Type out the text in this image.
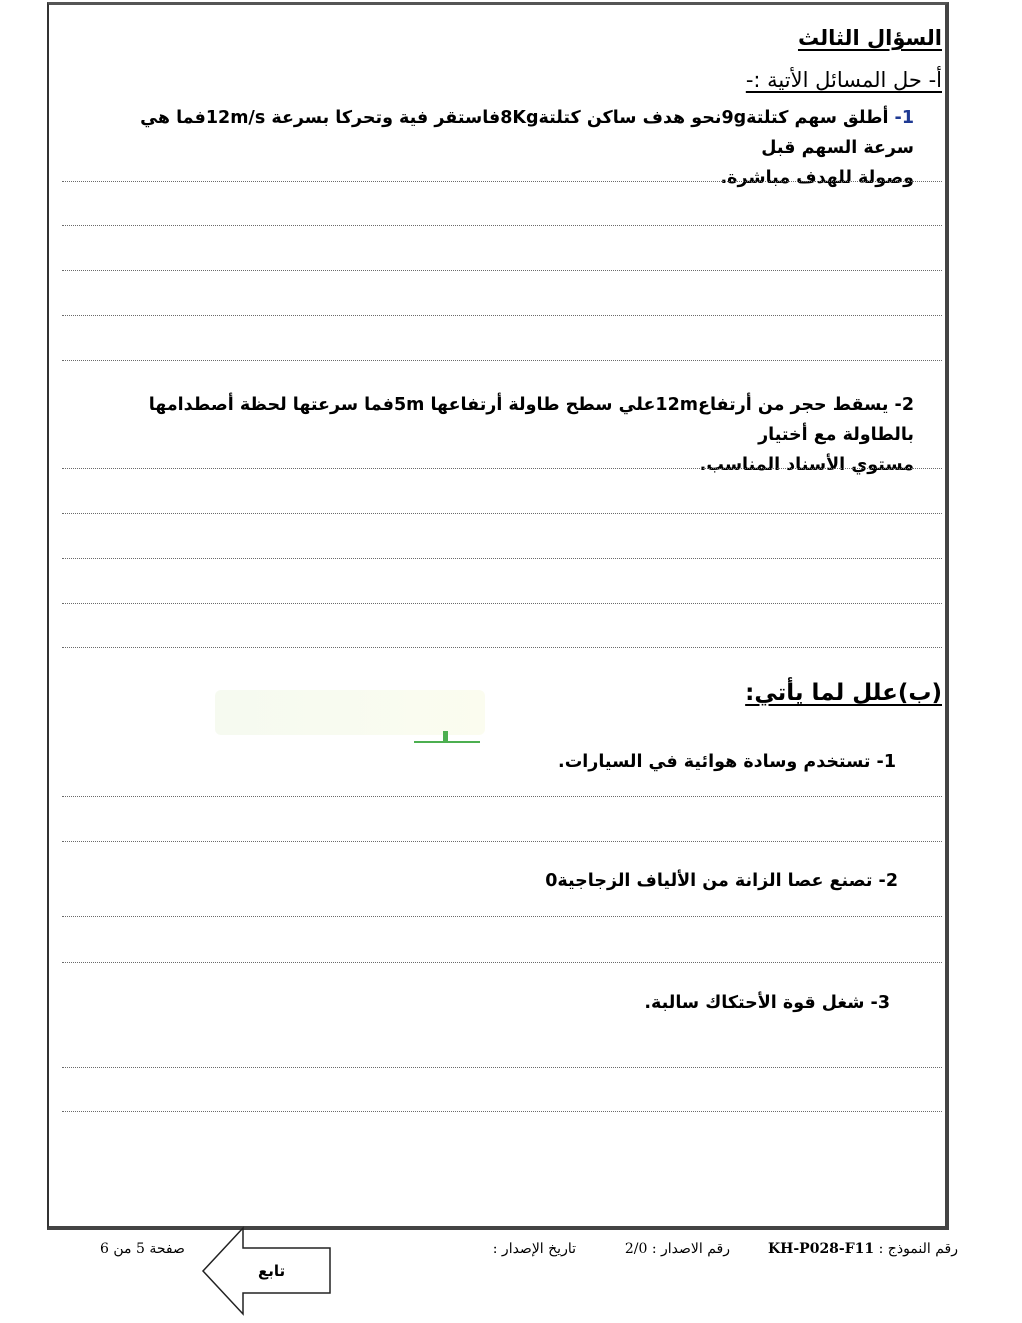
السؤال الثالث
أ- حل المسائل الأتية :-
1- أطلق سهم كتلتة9gنحو هدف ساكن كتلتة8Kgفاستقر فية وتحركا بسرعة 12m/sفما هي سرعة السهم قبل
وصولة للهدف مباشرة.
2- يسقط حجر من أرتفاع12mعلي سطح طاولة أرتفاعها 5mفما سرعتها لحظة أصطدامها بالطاولة مع أختيار
مستوي الأسناد المناسب.
(ب)علل لما يأتي:
1- تستخدم وسادة هوائية في السيارات.
2- تصنع عصا الزانة من الألياف الزجاجية0
3- شغل قوة الأحتكاك سالبة.
رقم النموذج : KH-P028-F11
رقم الاصدار : 2/0
تاريخ الإصدار :
صفحة 5 من 6
تابع
